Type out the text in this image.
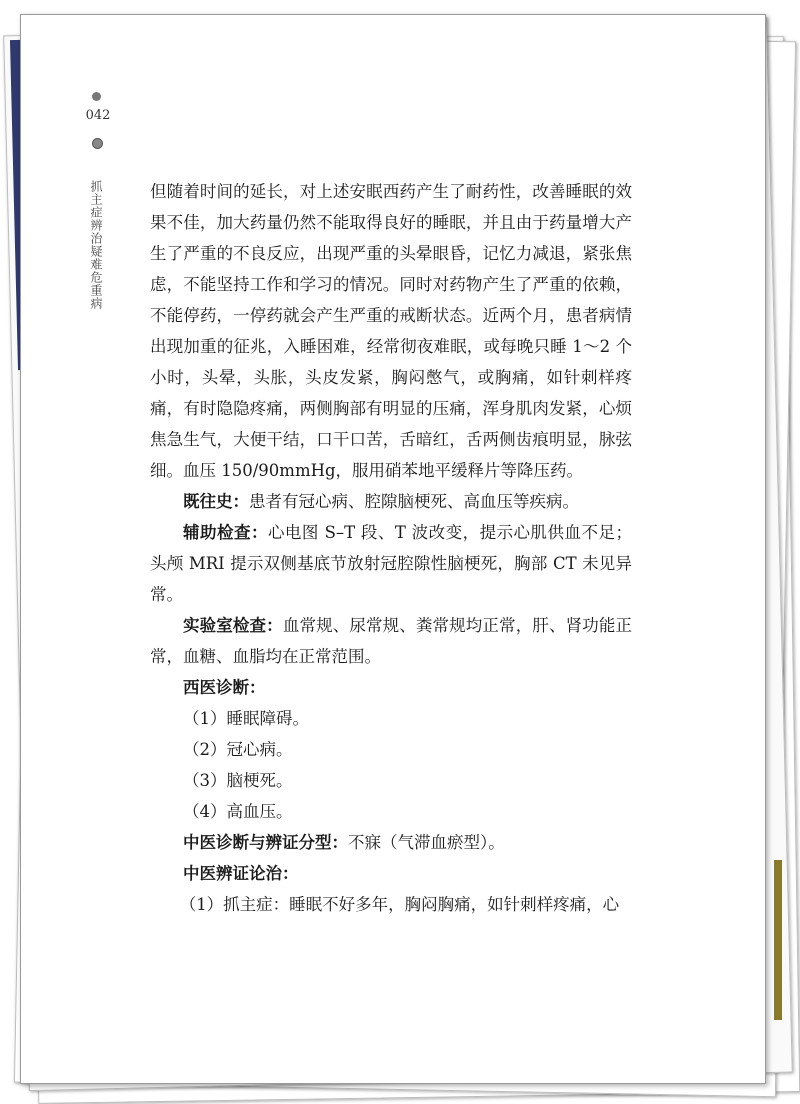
042
抓主症辨治疑难危重病	但随着时间的延长，对上述安眠西药产生了耐药性，改善睡眠的效果不佳，加大药量仍然不能取得良好的睡眠，并且由于药量增大产生了严重的不良反应，出现严重的头晕眼昏，记忆力减退，紧张焦虑，不能坚持工作和学习的情况。同时对药物产生了严重的依赖，不能停药，一停药就会产生严重的戒断状态。近两个月，患者病情出现加重的征兆，入睡困难，经常彻夜难眠，或每晚只睡 1～2 个小时，头晕，头胀，头皮发紧，胸闷憋气，或胸痛，如针刺样疼痛，有时隐隐疼痛，两侧胸部有明显的压痛，浑身肌肉发紧，心烦焦急生气，大便干结，口干口苦，舌暗红，舌两侧齿痕明显，脉弦细。血压 150/90mmHg，服用硝苯地平缓释片等降压药。

既往史：患者有冠心病、腔隙脑梗死、高血压等疾病。

辅助检查：心电图 S–T 段、T 波改变，提示心肌供血不足；头颅 MRI 提示双侧基底节放射冠腔隙性脑梗死，胸部 CT 未见异常。

实验室检查：血常规、尿常规、粪常规均正常，肝、肾功能正常，血糖、血脂均在正常范围。

西医诊断：

（1）睡眠障碍。

（2）冠心病。

（3）脑梗死。

（4）高血压。

中医诊断与辨证分型：不寐（气滞血瘀型）。

中医辨证论治：

（1）抓主症：睡眠不好多年，胸闷胸痛，如针刺样疼痛，心
